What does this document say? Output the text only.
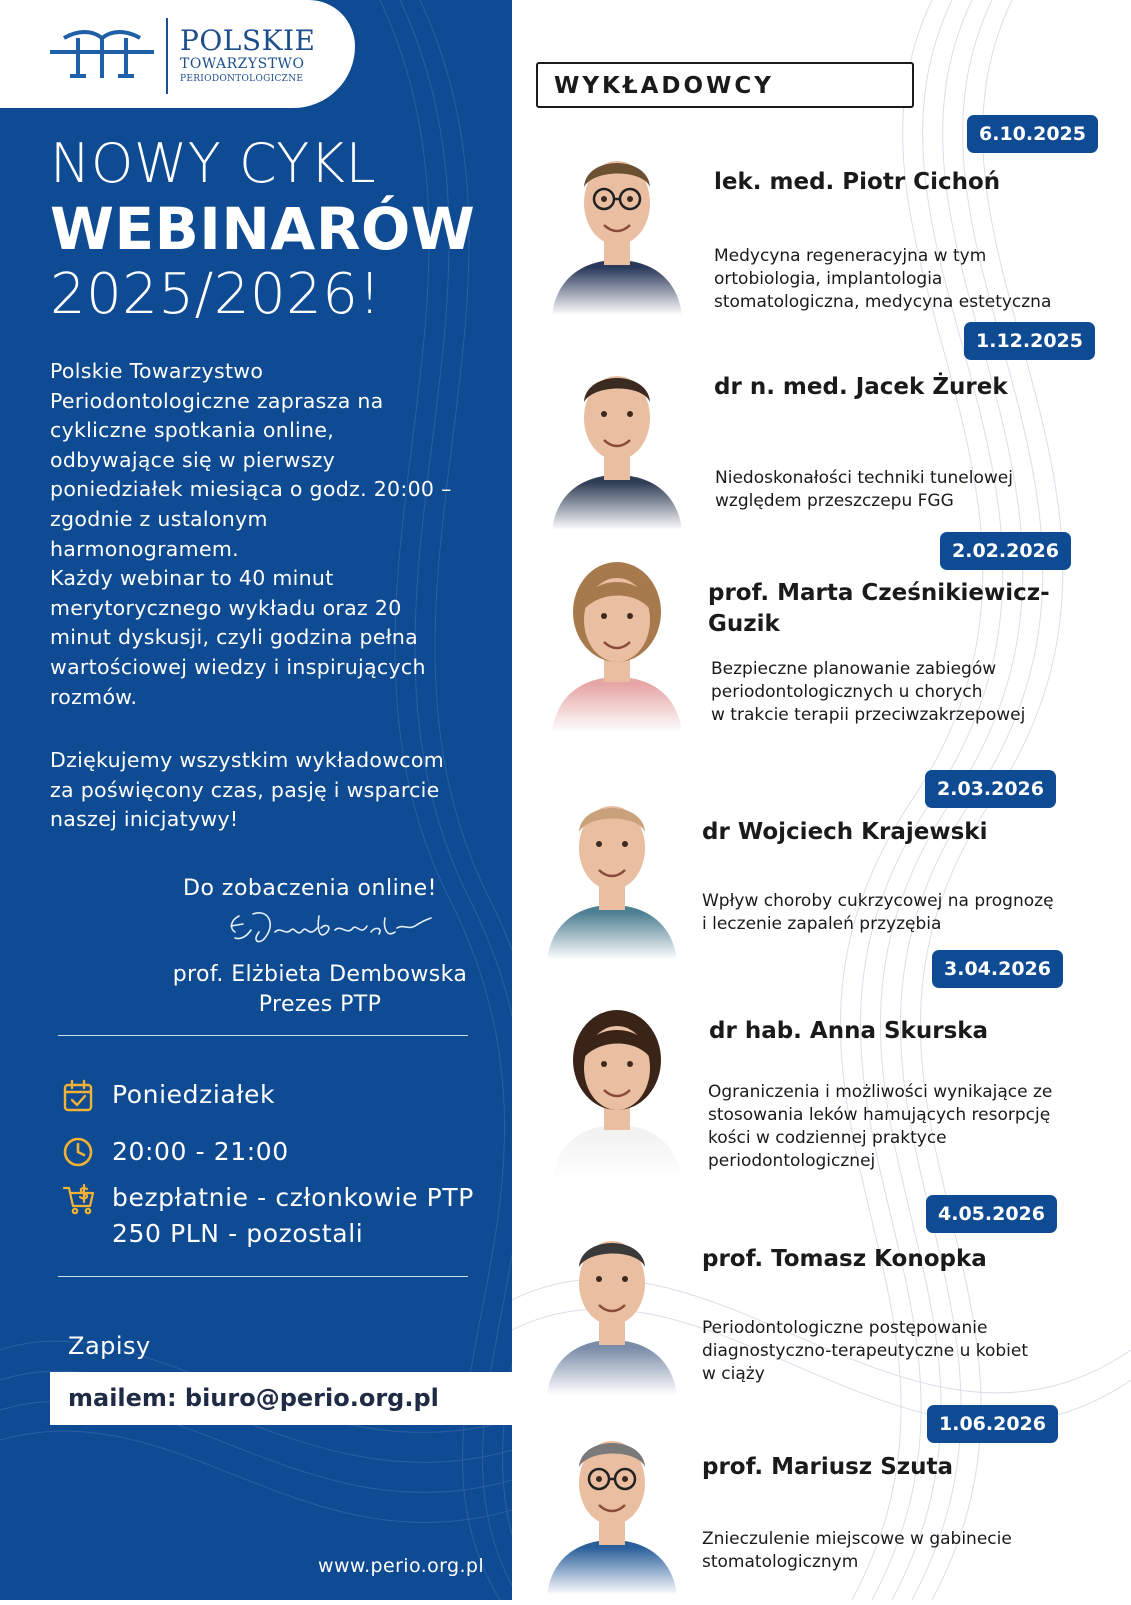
POLSKIE
TOWARZYSTWO
PERIODONTOLOGICZNE
NOWY CYKL
WEBINARÓW
2025/2026!
Polskie Towarzystwo
Periodontologiczne zaprasza na
cykliczne spotkania online,
odbywające się w pierwszy
poniedziałek miesiąca o godz. 20:00 –
zgodnie z ustalonym
harmonogramem.
Każdy webinar to 40 minut
merytorycznego wykładu oraz 20
minut dyskusji, czyli godzina pełna
wartościowej wiedzy i inspirujących
rozmów.
Dziękujemy wszystkim wykładowcom
za poświęcony czas, pasję i wsparcie
naszej inicjatywy!
Do zobaczenia online!
prof. Elżbieta Dembowska
Prezes PTP
Poniedziałek
20:00 - 21:00
bezpłatnie - członkowie PTP
250 PLN - pozostali
Zapisy
mailem: biuro@perio.org.pl
www.perio.org.pl
WYKŁADOWCY
6.10.2025
lek. med. Piotr Cichoń
Medycyna regeneracyjna w tym
ortobiologia, implantologia
stomatologiczna, medycyna estetyczna
1.12.2025
dr n. med. Jacek Żurek
Niedoskonałości techniki tunelowej
względem przeszczepu FGG
2.02.2026
prof. Marta Cześnikiewicz-
Guzik
Bezpieczne planowanie zabiegów
periodontologicznych u chorych
w trakcie terapii przeciwzakrzepowej
2.03.2026
dr Wojciech Krajewski
Wpływ choroby cukrzycowej na prognozę
i leczenie zapaleń przyzębia
3.04.2026
dr hab. Anna Skurska
Ograniczenia i możliwości wynikające ze
stosowania leków hamujących resorpcję
kości w codziennej praktyce
periodontologicznej
4.05.2026
prof. Tomasz Konopka
Periodontologiczne postępowanie
diagnostyczno-terapeutyczne u kobiet
w ciąży
1.06.2026
prof. Mariusz Szuta
Znieczulenie miejscowe w gabinecie
stomatologicznym
